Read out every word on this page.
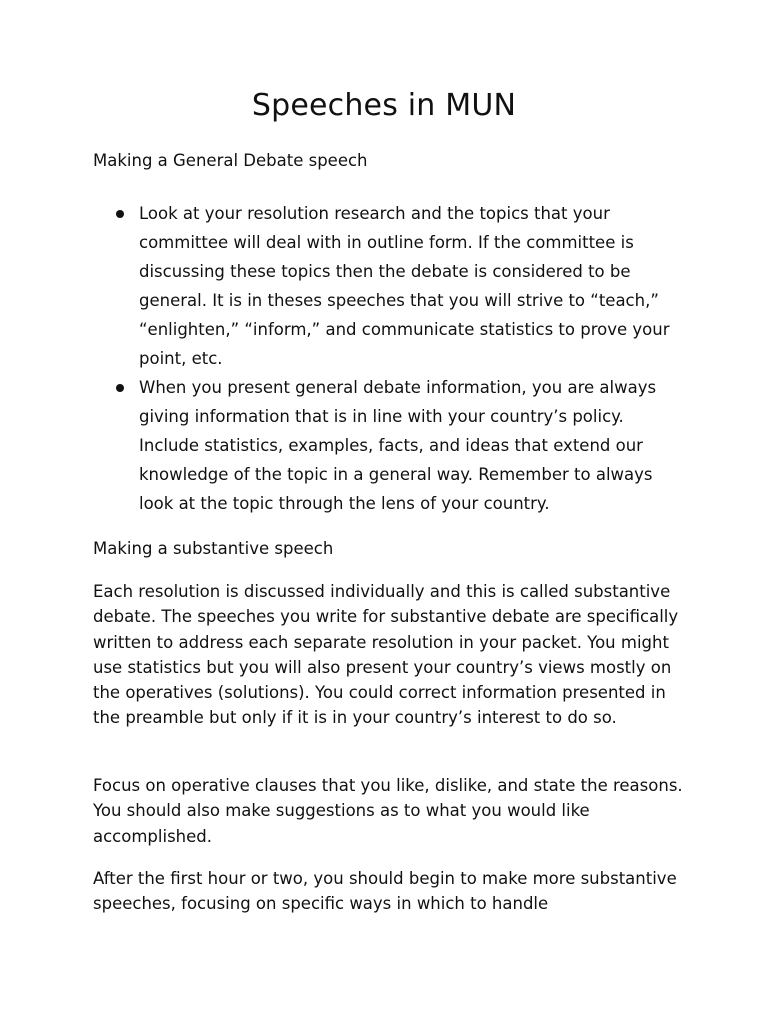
Speeches in MUN
Making a General Debate speech
Look at your resolution research and the topics that your committee will deal with in outline form. If the committee is discussing these topics then the debate is considered to be general. It is in theses speeches that you will strive to “teach,” “enlighten,” “inform,” and communicate statistics to prove your point, etc.
When you present general debate information, you are always giving information that is in line with your country’s policy. Include statistics, examples, facts, and ideas that extend our knowledge of the topic in a general way. Remember to always look at the topic through the lens of your country.
Making a substantive speech

Each resolution is discussed individually and this is called substantive debate. The speeches you write for substantive debate are specifically written to address each separate resolution in your packet. You might use statistics but you will also present your country’s views mostly on the operatives (solutions). You could correct information presented in the preamble but only if it is in your country’s interest to do so.

Focus on operative clauses that you like, dislike, and state the reasons. You should also make suggestions as to what you would like accomplished.

After the first hour or two, you should begin to make more substantive speeches, focusing on specific ways in which to handle
